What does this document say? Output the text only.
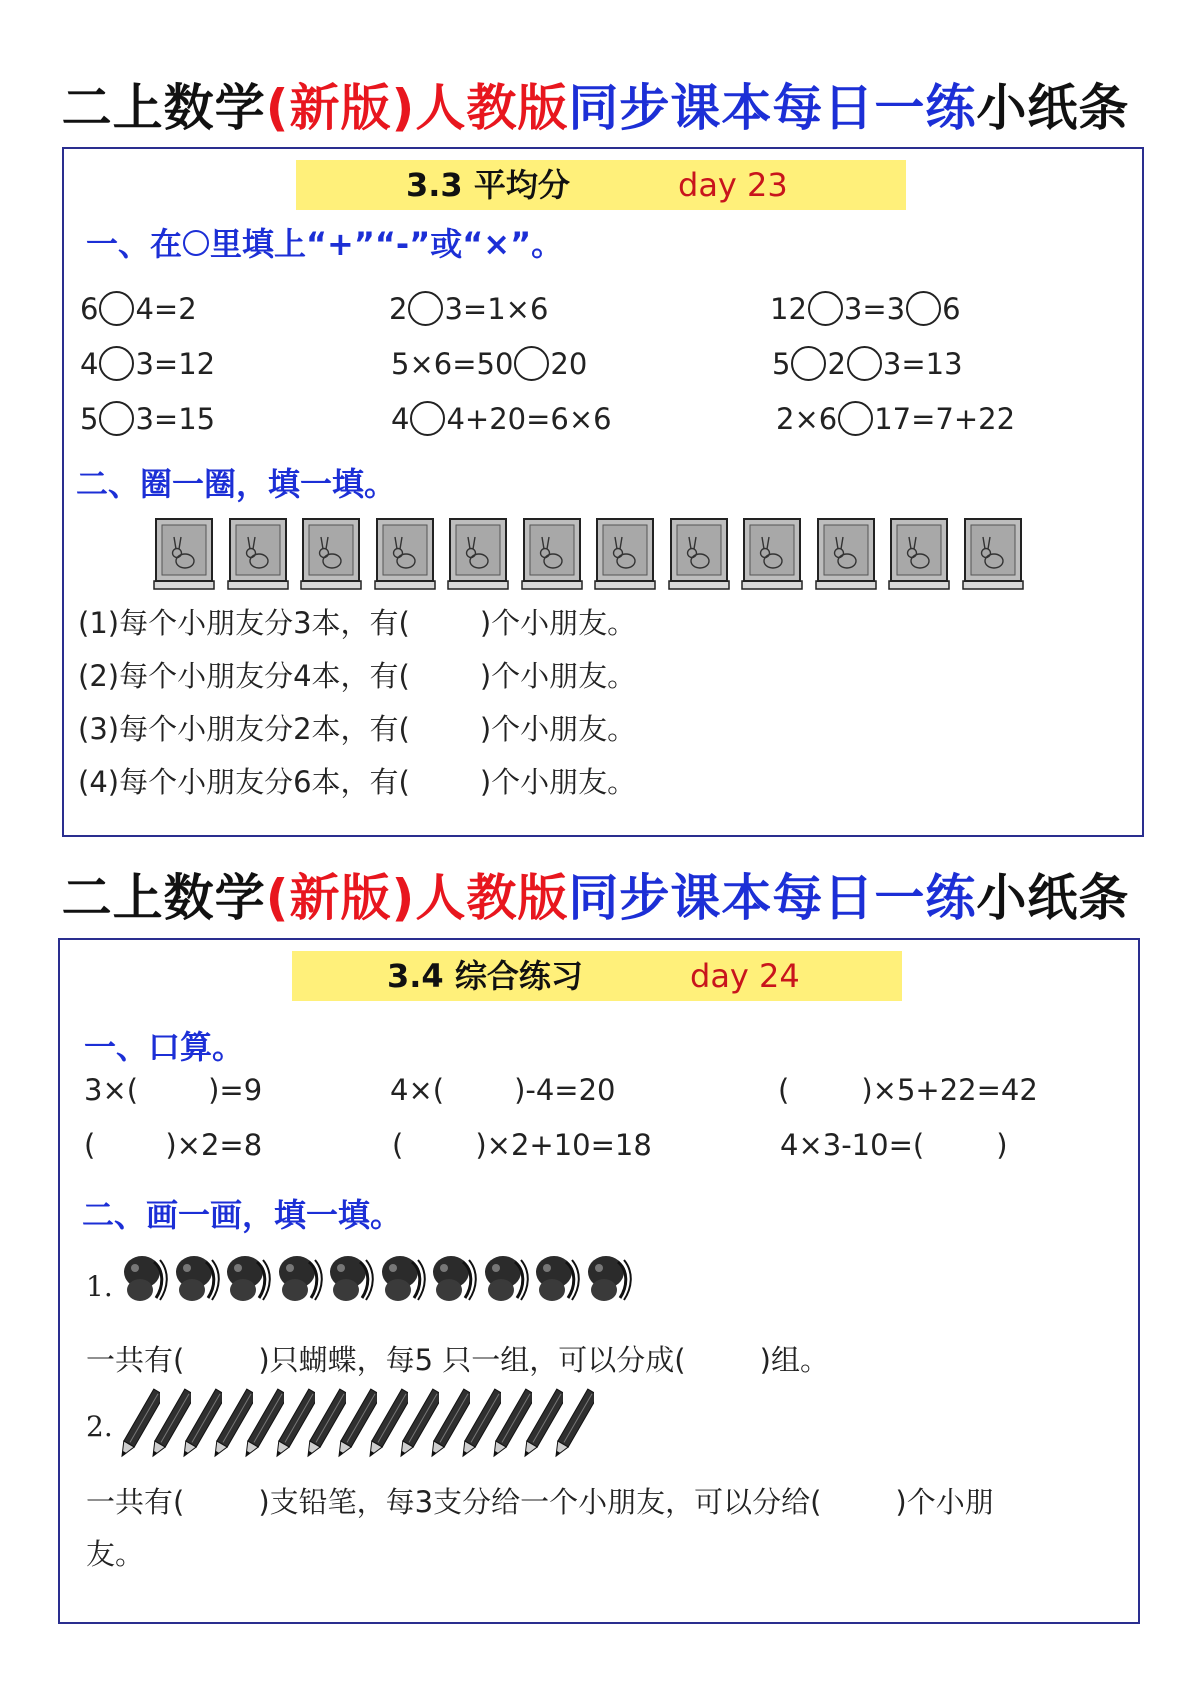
二上数学(新版)人教版同步课本每日一练小纸条
3.3 平均分	day 23
一、在 里填上“+”“-”或“×”。
6 4=2	2 3=1×6	12 3=3 6
4 3=12	5×6=50 20	5 2 3=13
5 3=15	4 4+20=6×6	2×6 17=7+22
二、圈一圈，填一填。
(1)每个小朋友分3本，有( )个小朋友。
(2)每个小朋友分4本，有( )个小朋友。
(3)每个小朋友分2本，有( )个小朋友。
(4)每个小朋友分6本，有( )个小朋友。
二上数学(新版)人教版同步课本每日一练小纸条
3.4 综合练习	day 24
一、口算。
3×( )=9	4×( )-4=20	( )×5+22=42
( )×2=8	( )×2+10=18	4×3-10=( )
二、画一画，填一填。
1.
一共有(	)只蝴蝶，每5 只一组，可以分成(	)组。
2.
一共有(	)支铅笔，每3支分给一个小朋友，可以分给(	)个小朋
友。
